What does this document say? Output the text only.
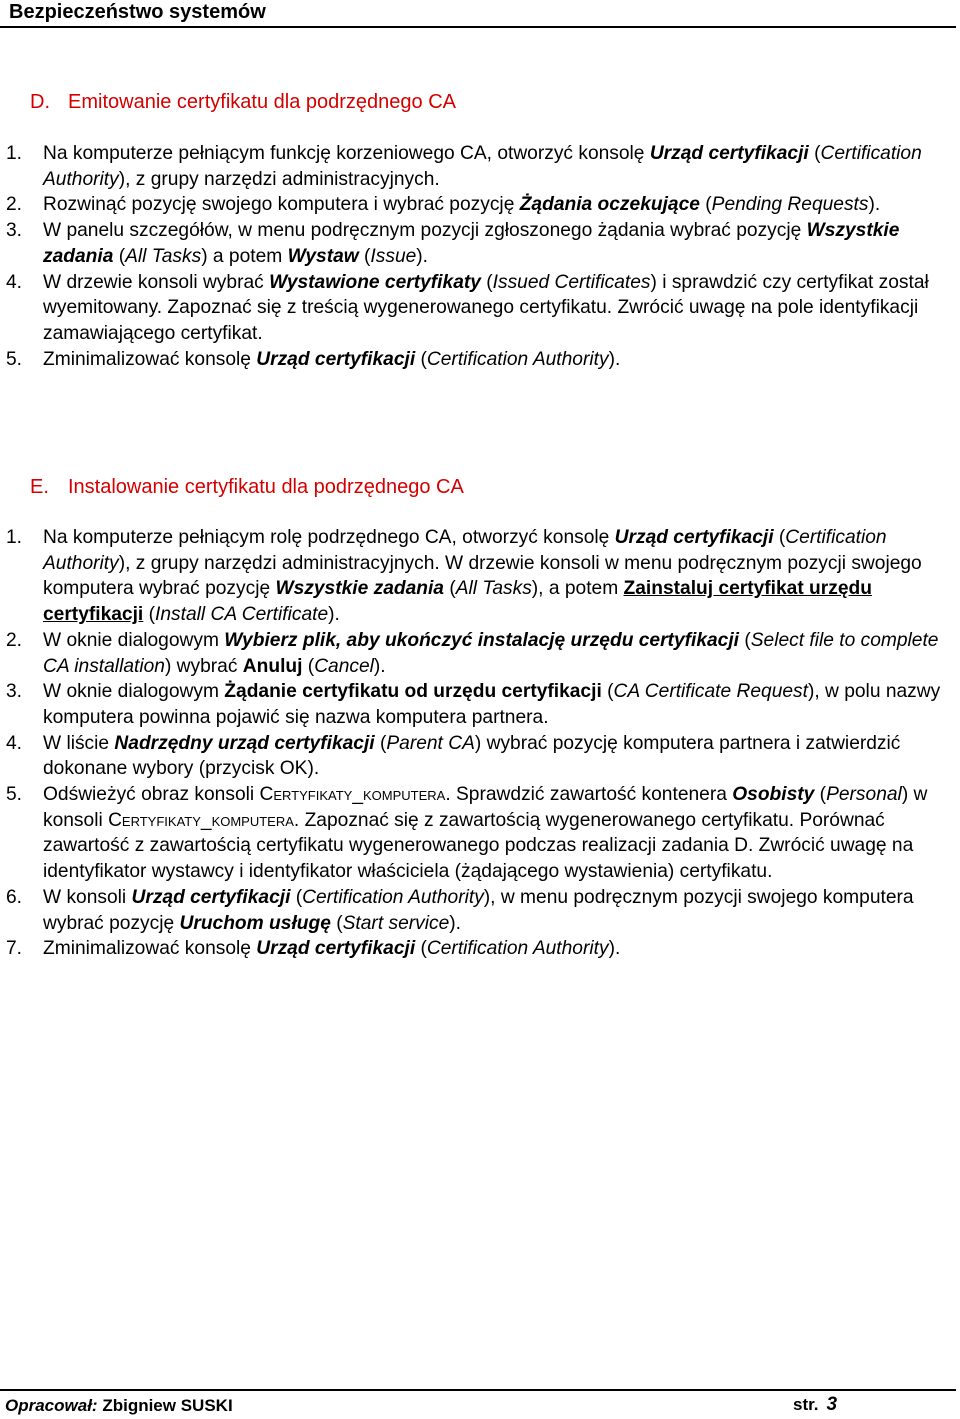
Bezpieczeństwo systemów
D. Emitowanie certyfikatu dla podrzędnego CA
1. Na komputerze pełniącym funkcję korzeniowego CA, otworzyć konsolę Urząd certyfikacji (Certification Authority), z grupy narzędzi administracyjnych.
2. Rozwinąć pozycję swojego komputera i wybrać pozycję Żądania oczekujące (Pending Requests).
3. W panelu szczegółów, w menu podręcznym pozycji zgłoszonego żądania wybrać pozycję Wszystkie zadania (All Tasks) a potem Wystaw (Issue).
4. W drzewie konsoli wybrać Wystawione certyfikaty (Issued Certificates) i sprawdzić czy certyfikat został wyemitowany. Zapoznać się z treścią wygenerowanego certyfikatu. Zwrócić uwagę na pole identyfikacji zamawiającego certyfikat.
5. Zminimalizować konsolę Urząd certyfikacji (Certification Authority).
E. Instalowanie certyfikatu dla podrzędnego CA
1. Na komputerze pełniącym rolę podrzędnego CA, otworzyć konsolę Urząd certyfikacji (Certification Authority), z grupy narzędzi administracyjnych. W drzewie konsoli w menu podręcznym pozycji swojego komputera wybrać pozycję Wszystkie zadania (All Tasks), a potem Zainstaluj certyfikat urzędu certyfikacji (Install CA Certificate).
2. W oknie dialogowym Wybierz plik, aby ukończyć instalację urzędu certyfikacji (Select file to complete CA installation) wybrać Anuluj (Cancel).
3. W oknie dialogowym Żądanie certyfikatu od urzędu certyfikacji (CA Certificate Request), w polu nazwy komputera powinna pojawić się nazwa komputera partnera.
4. W liście Nadrzędny urząd certyfikacji (Parent CA) wybrać pozycję komputera partnera i zatwierdzić dokonane wybory (przycisk OK).
5. Odświeżyć obraz konsoli Certyfikaty_komputera. Sprawdzić zawartość kontenera Osobisty (Personal) w konsoli Certyfikaty_komputera. Zapoznać się z zawartością wygenerowanego certyfikatu. Porównać zawartość z zawartością certyfikatu wygenerowanego podczas realizacji zadania D. Zwrócić uwagę na identyfikator wystawcy i identyfikator właściciela (żądającego wystawienia) certyfikatu.
6. W konsoli Urząd certyfikacji (Certification Authority), w menu podręcznym pozycji swojego komputera wybrać pozycję Uruchom usługę (Start service).
7. Zminimalizować konsolę Urząd certyfikacji (Certification Authority).
Opracował: Zbigniew SUSKI	str. 3
